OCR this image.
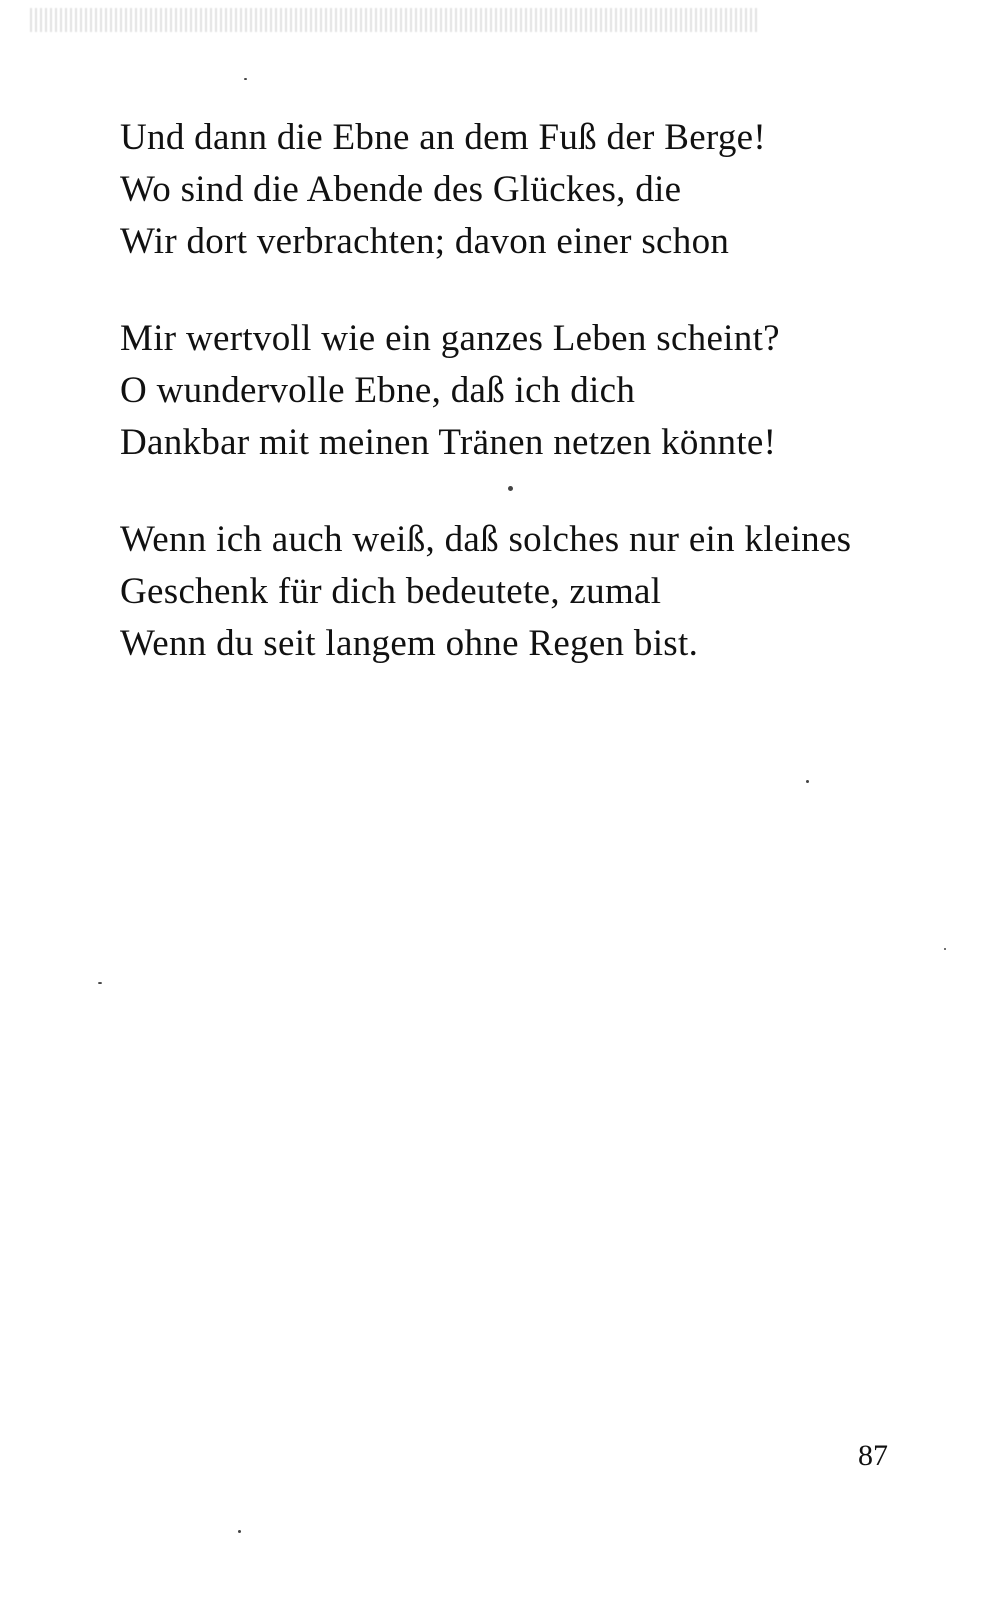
Und dann die Ebne an dem Fuß der Berge!
Wo sind die Abende des Glückes, die
Wir dort verbrachten; davon einer schon
Mir wertvoll wie ein ganzes Leben scheint?
O wundervolle Ebne, daß ich dich
Dankbar mit meinen Tränen netzen könnte!
Wenn ich auch weiß, daß solches nur ein kleines
Geschenk für dich bedeutete, zumal
Wenn du seit langem ohne Regen bist.
87
